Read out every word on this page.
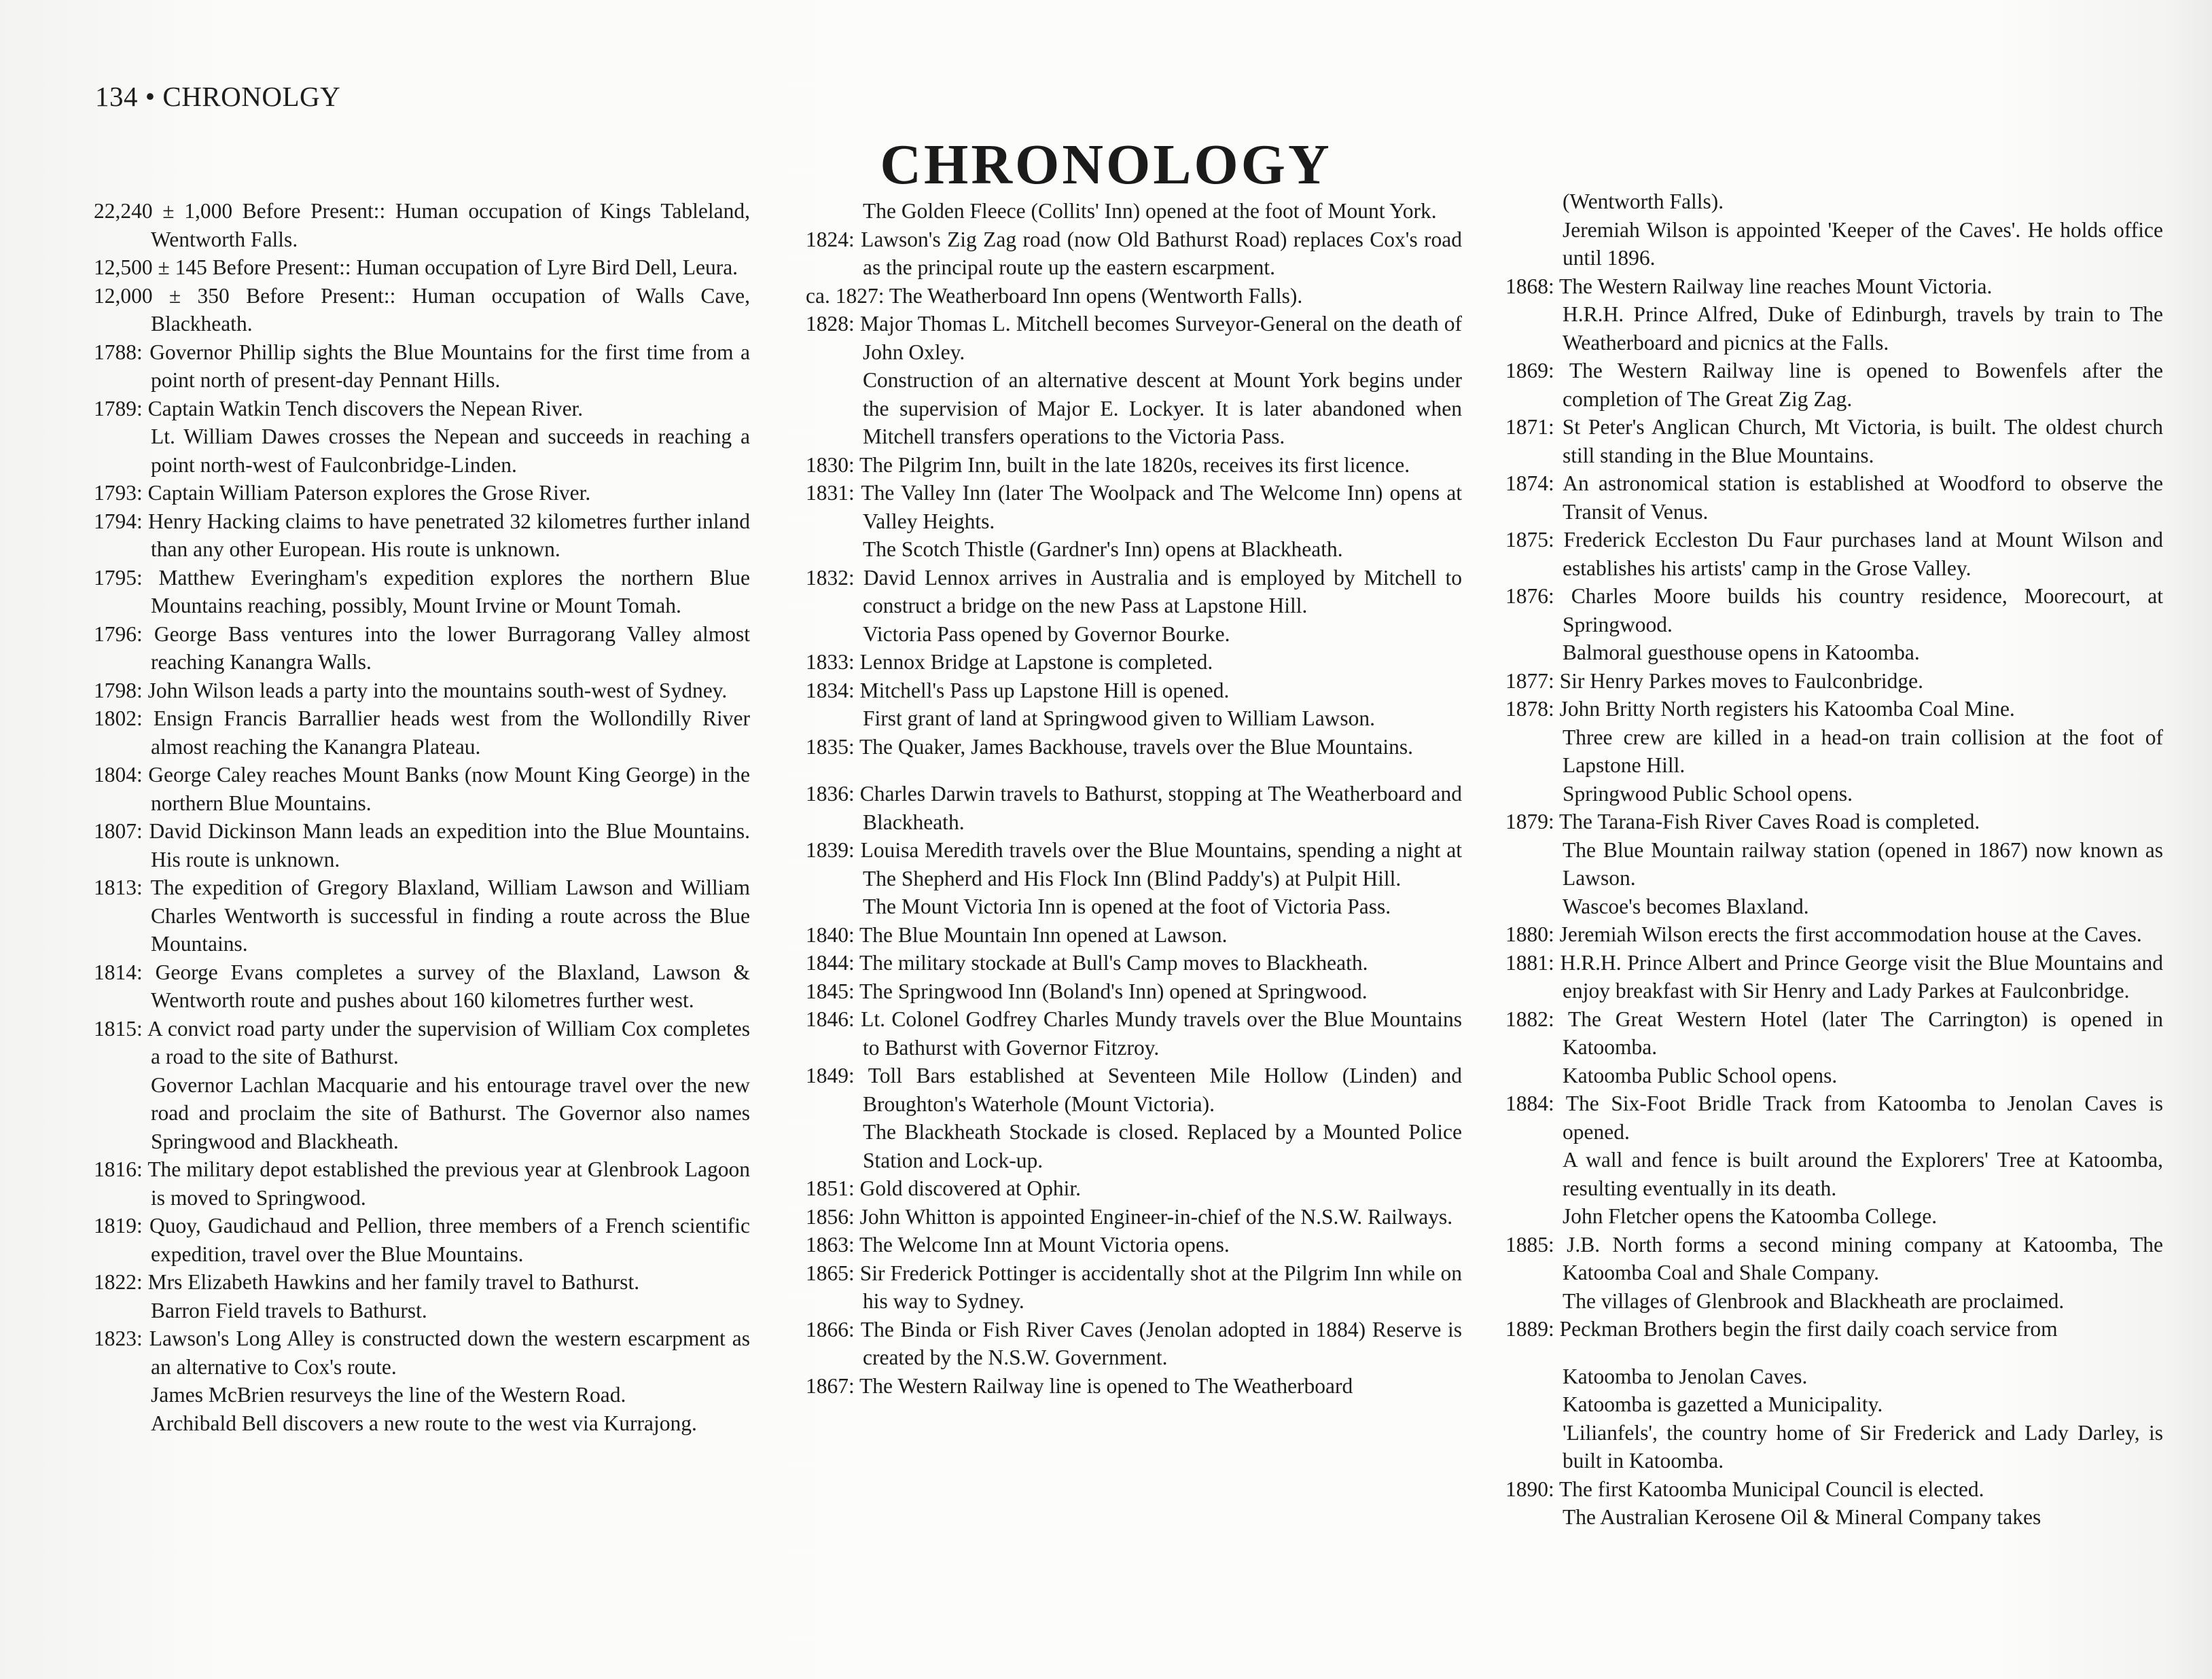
134 • CHRONOLGY
CHRONOLOGY
22,240 ± 1,000 Before Present:: Human occupation of Kings Tableland, Wentworth Falls.
12,500 ± 145 Before Present:: Human occupation of Lyre Bird Dell, Leura.
12,000 ± 350 Before Present:: Human occupation of Walls Cave, Blackheath.
1788: Governor Phillip sights the Blue Mountains for the first time from a point north of present-day Pennant Hills.
1789: Captain Watkin Tench discovers the Nepean River.
Lt. William Dawes crosses the Nepean and succeeds in reaching a point north-west of Faulconbridge-Linden.
1793: Captain William Paterson explores the Grose River.
1794: Henry Hacking claims to have penetrated 32 kilometres further inland than any other European. His route is unknown.
1795: Matthew Everingham's expedition explores the northern Blue Mountains reaching, possibly, Mount Irvine or Mount Tomah.
1796: George Bass ventures into the lower Burragorang Valley almost reaching Kanangra Walls.
1798: John Wilson leads a party into the mountains south-west of Sydney.
1802: Ensign Francis Barrallier heads west from the Wollondilly River almost reaching the Kanangra Plateau.
1804: George Caley reaches Mount Banks (now Mount King George) in the northern Blue Mountains.
1807: David Dickinson Mann leads an expedition into the Blue Mountains. His route is unknown.
1813: The expedition of Gregory Blaxland, William Lawson and William Charles Wentworth is successful in finding a route across the Blue Mountains.
1814: George Evans completes a survey of the Blaxland, Lawson & Wentworth route and pushes about 160 kilometres further west.
1815: A convict road party under the supervision of William Cox completes a road to the site of Bathurst.
Governor Lachlan Macquarie and his entourage travel over the new road and proclaim the site of Bathurst. The Governor also names Springwood and Blackheath.
1816: The military depot established the previous year at Glenbrook Lagoon is moved to Springwood.
1819: Quoy, Gaudichaud and Pellion, three members of a French scientific expedition, travel over the Blue Mountains.
1822: Mrs Elizabeth Hawkins and her family travel to Bathurst.
Barron Field travels to Bathurst.
1823: Lawson's Long Alley is constructed down the western escarpment as an alternative to Cox's route.
James McBrien resurveys the line of the Western Road.
Archibald Bell discovers a new route to the west via Kurrajong.
The Golden Fleece (Collits' Inn) opened at the foot of Mount York.
1824: Lawson's Zig Zag road (now Old Bathurst Road) replaces Cox's road as the principal route up the eastern escarpment.
ca. 1827: The Weatherboard Inn opens (Wentworth Falls).
1828: Major Thomas L. Mitchell becomes Surveyor-General on the death of John Oxley.
Construction of an alternative descent at Mount York begins under the supervision of Major E. Lockyer. It is later abandoned when Mitchell transfers operations to the Victoria Pass.
1830: The Pilgrim Inn, built in the late 1820s, receives its first licence.
1831: The Valley Inn (later The Woolpack and The Welcome Inn) opens at Valley Heights.
The Scotch Thistle (Gardner's Inn) opens at Blackheath.
1832: David Lennox arrives in Australia and is employed by Mitchell to construct a bridge on the new Pass at Lapstone Hill.
Victoria Pass opened by Governor Bourke.
1833: Lennox Bridge at Lapstone is completed.
1834: Mitchell's Pass up Lapstone Hill is opened.
First grant of land at Springwood given to William Lawson.
1835: The Quaker, James Backhouse, travels over the Blue Mountains.
1836: Charles Darwin travels to Bathurst, stopping at The Weatherboard and Blackheath.
1839: Louisa Meredith travels over the Blue Mountains, spending a night at The Shepherd and His Flock Inn (Blind Paddy's) at Pulpit Hill.
The Mount Victoria Inn is opened at the foot of Victoria Pass.
1840: The Blue Mountain Inn opened at Lawson.
1844: The military stockade at Bull's Camp moves to Blackheath.
1845: The Springwood Inn (Boland's Inn) opened at Springwood.
1846: Lt. Colonel Godfrey Charles Mundy travels over the Blue Mountains to Bathurst with Governor Fitzroy.
1849: Toll Bars established at Seventeen Mile Hollow (Linden) and Broughton's Waterhole (Mount Victoria).
The Blackheath Stockade is closed. Replaced by a Mounted Police Station and Lock-up.
1851: Gold discovered at Ophir.
1856: John Whitton is appointed Engineer-in-chief of the N.S.W. Railways.
1863: The Welcome Inn at Mount Victoria opens.
1865: Sir Frederick Pottinger is accidentally shot at the Pilgrim Inn while on his way to Sydney.
1866: The Binda or Fish River Caves (Jenolan adopted in 1884) Reserve is created by the N.S.W. Government.
1867: The Western Railway line is opened to The Weatherboard
(Wentworth Falls).
Jeremiah Wilson is appointed 'Keeper of the Caves'. He holds office until 1896.
1868: The Western Railway line reaches Mount Victoria.
H.R.H. Prince Alfred, Duke of Edinburgh, travels by train to The Weatherboard and picnics at the Falls.
1869: The Western Railway line is opened to Bowenfels after the completion of The Great Zig Zag.
1871: St Peter's Anglican Church, Mt Victoria, is built. The oldest church still standing in the Blue Mountains.
1874: An astronomical station is established at Woodford to observe the Transit of Venus.
1875: Frederick Eccleston Du Faur purchases land at Mount Wilson and establishes his artists' camp in the Grose Valley.
1876: Charles Moore builds his country residence, Moorecourt, at Springwood.
Balmoral guesthouse opens in Katoomba.
1877: Sir Henry Parkes moves to Faulconbridge.
1878: John Britty North registers his Katoomba Coal Mine.
Three crew are killed in a head-on train collision at the foot of Lapstone Hill.
Springwood Public School opens.
1879: The Tarana-Fish River Caves Road is completed.
The Blue Mountain railway station (opened in 1867) now known as Lawson.
Wascoe's becomes Blaxland.
1880: Jeremiah Wilson erects the first accommodation house at the Caves.
1881: H.R.H. Prince Albert and Prince George visit the Blue Mountains and enjoy breakfast with Sir Henry and Lady Parkes at Faulconbridge.
1882: The Great Western Hotel (later The Carrington) is opened in Katoomba.
Katoomba Public School opens.
1884: The Six-Foot Bridle Track from Katoomba to Jenolan Caves is opened.
A wall and fence is built around the Explorers' Tree at Katoomba, resulting eventually in its death.
John Fletcher opens the Katoomba College.
1885: J.B. North forms a second mining company at Katoomba, The Katoomba Coal and Shale Company.
The villages of Glenbrook and Blackheath are proclaimed.
1889: Peckman Brothers begin the first daily coach service from
Katoomba to Jenolan Caves.
Katoomba is gazetted a Municipality.
'Lilianfels', the country home of Sir Frederick and Lady Darley, is built in Katoomba.
1890: The first Katoomba Municipal Council is elected.
The Australian Kerosene Oil & Mineral Company takes
